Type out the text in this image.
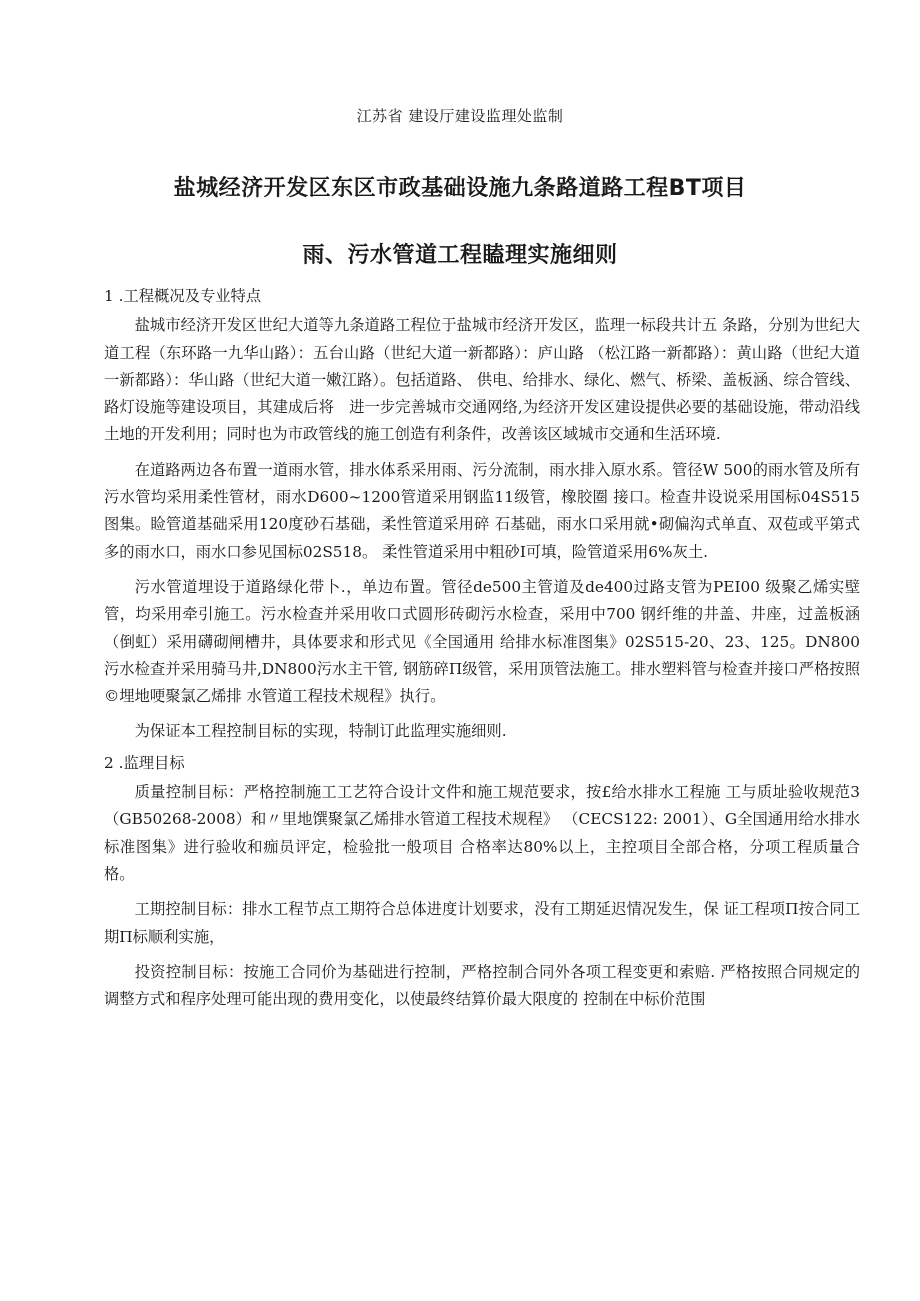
江苏省 建设厅建设监理处监制
盐城经济开发区东区市政基础设施九条路道路工程BT项目
雨、污水管道工程瞌理实施细则

1 .工程概况及专业特点

盐城市经济开发区世纪大道等九条道路工程位于盐城市经济开发区，监理一标段共计五 条路，分别为世纪大道工程（东环路一九华山路）：五台山路（世纪大道一新都路）：庐山路 （松江路一新都路）：黄山路（世纪大道一新都路）：华山路（世纪大道一嫩江路）。包括道路、 供电、给排水、绿化、燃气、桥梁、盖板涵、综合管线、路灯设施等建设项目，其建成后将　进一步完善城市交通网络,为经济开发区建设提供必要的基础设施，带动沿线土地的开发利用；同时也为市政管线的施工创造有利条件，改善该区域城市交通和生活环境.

在道路两边各布置一道雨水管，排水体系采用雨、污分流制，雨水排入原水系。管径W 500的雨水管及所有污水管均采用柔性管材，雨水D600~1200管道采用钢监11级管，橡胶圈 接口。检查井设说采用国标04S515图集。睑管道基础采用120度砂石基础，柔性管道采用碎 石基础，雨水口采用就•砌偏沟式单直、双苞或平第式多的雨水口，雨水口参见国标02S518。 柔性管道采用中粗砂I可填，险管道采用6%灰土.

污水管道埋设于道路绿化带卜.，单边布置。管径de500主管道及de400过路支管为PEI00 级聚乙烯实壁管，均采用牵引施工。污水检查并采用收口式圆形砖砌污水检查，采用中700 钢纤维的井盖、井座，过盖板涵（倒虹）采用礴砌闸槽井，具体要求和形式见《全国通用 给排水标准图集》02S515-20、23、125。DN800污水检查并采用骑马井,DN800污水主干管, 钢筋碎Π级管，采用顶管法施工。排水塑料管与检查并接口严格按照©埋地哽聚氯乙烯排 水管道工程技术规程》执行。

为保证本工程控制目标的实现，特制订此监理实施细则.

2 .监理目标

质量控制目标：严格控制施工工艺符合设计文件和施工规范要求，按£给水排水工程施 工与质址验收规范3 （GB50268-2008）和〃里地馔聚氯乙烯排水管道工程技术规程》 （CECS122: 2001）、G全国通用给水排水标准图集》进行验收和痂员评定，检验批一般项目 合格率达80%以上，主控项目全部合格，分项工程质量合格。

工期控制目标：排水工程节点工期符合总体进度计划要求，没有工期延迟情况发生，保 证工程项Π按合同工期Π标顺利实施，

投资控制目标：按施工合同价为基础进行控制，严格控制合同外各项工程变更和索赔. 严格按照合同规定的调整方式和程序处理可能出现的费用变化，以使最终结算价最大限度的 控制在中标价范围
